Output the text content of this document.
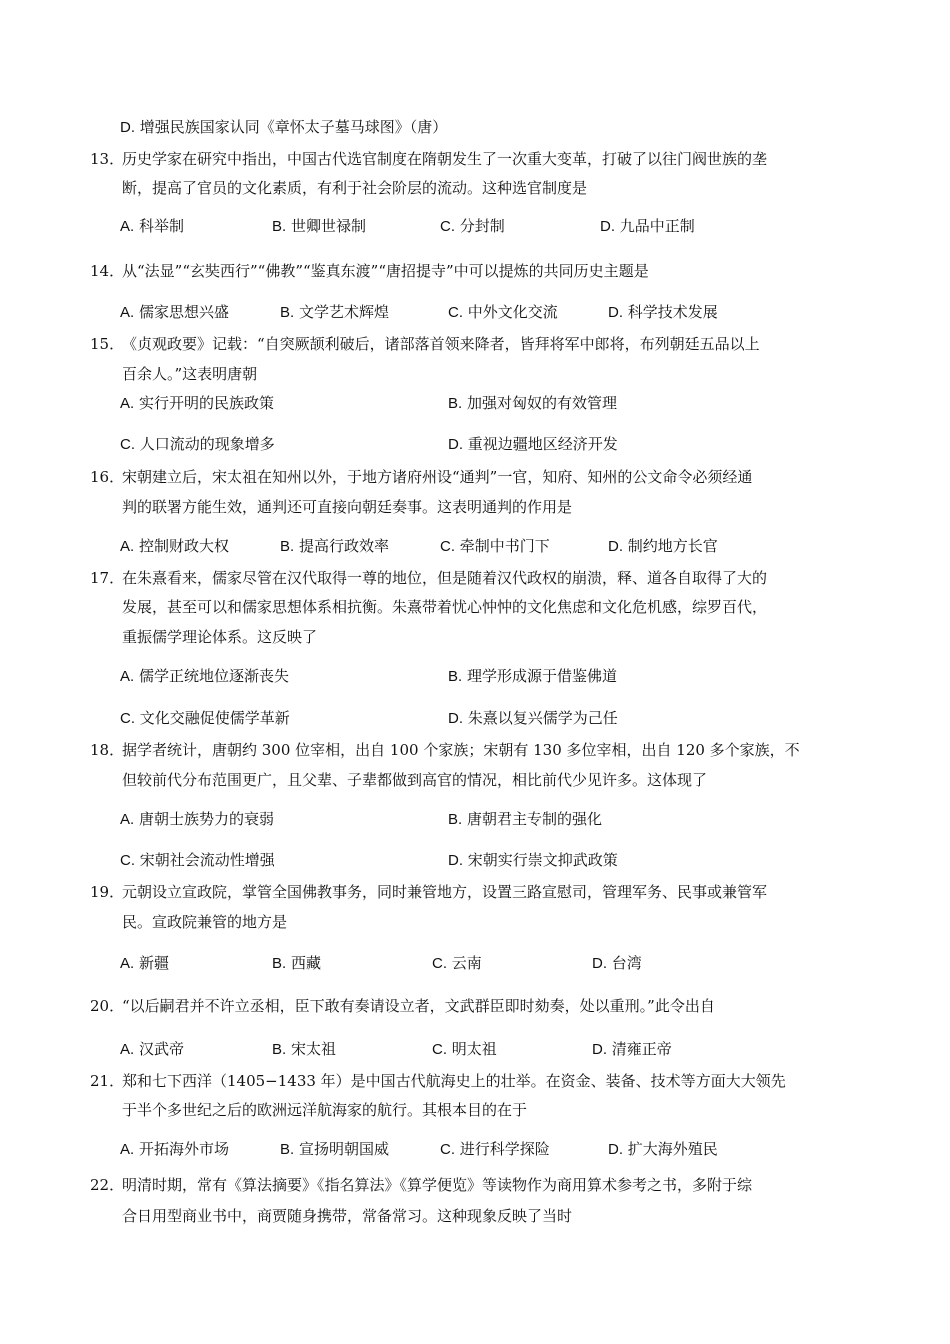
D. 增强民族国家认同《章怀太子墓马球图》（唐）
13．
历史学家在研究中指出，中国古代选官制度在隋朝发生了一次重大变革，打破了以往门阀世族的垄
断，提高了官员的文化素质，有利于社会阶层的流动。这种选官制度是
A. 科举制	B. 世卿世禄制	C. 分封制	D. 九品中正制
14．
从“法显”“玄奘西行”“佛教”“鉴真东渡”“唐招提寺”中可以提炼的共同历史主题是
A. 儒家思想兴盛	B. 文学艺术辉煌	C. 中外文化交流	D. 科学技术发展
15．
《贞观政要》记载：“自突厥颉利破后，诸部落首领来降者，皆拜将军中郎将，布列朝廷五品以上
百余人。”这表明唐朝
A. 实行开明的民族政策	B. 加强对匈奴的有效管理
C. 人口流动的现象增多	D. 重视边疆地区经济开发
16．
宋朝建立后，宋太祖在知州以外，于地方诸府州设“通判”一官，知府、知州的公文命令必须经通
判的联署方能生效，通判还可直接向朝廷奏事。这表明通判的作用是
A. 控制财政大权	B. 提高行政效率	C. 牵制中书门下	D. 制约地方长官
17．
在朱熹看来，儒家尽管在汉代取得一尊的地位，但是随着汉代政权的崩溃，释、道各自取得了大的
发展，甚至可以和儒家思想体系相抗衡。朱熹带着忧心忡忡的文化焦虑和文化危机感，综罗百代，
重振儒学理论体系。这反映了
A. 儒学正统地位逐渐丧失	B. 理学形成源于借鉴佛道
C. 文化交融促使儒学革新	D. 朱熹以复兴儒学为己任
18．
据学者统计，唐朝约 300 位宰相，出自 100 个家族；宋朝有 130 多位宰相，出自 120 多个家族，不
但较前代分布范围更广，且父辈、子辈都做到高官的情况，相比前代少见许多。这体现了
A. 唐朝士族势力的衰弱	B. 唐朝君主专制的强化
C. 宋朝社会流动性增强	D. 宋朝实行崇文抑武政策
19．
元朝设立宣政院，掌管全国佛教事务，同时兼管地方，设置三路宣慰司，管理军务、民事或兼管军
民。宣政院兼管的地方是
A. 新疆	B. 西藏	C. 云南	D. 台湾
20．
“以后嗣君并不许立丞相，臣下敢有奏请设立者，文武群臣即时劾奏，处以重刑。”此令出自
A. 汉武帝	B. 宋太祖	C. 明太祖	D. 清雍正帝
21．
郑和七下西洋（1405−1433 年）是中国古代航海史上的壮举。在资金、装备、技术等方面大大领先
于半个多世纪之后的欧洲远洋航海家的航行。其根本目的在于
A. 开拓海外市场	B. 宣扬明朝国威	C. 进行科学探险	D. 扩大海外殖民
22．
明清时期，常有《算法摘要》《指名算法》《算学便览》等读物作为商用算术参考之书，多附于综
合日用型商业书中，商贾随身携带，常备常习。这种现象反映了当时
